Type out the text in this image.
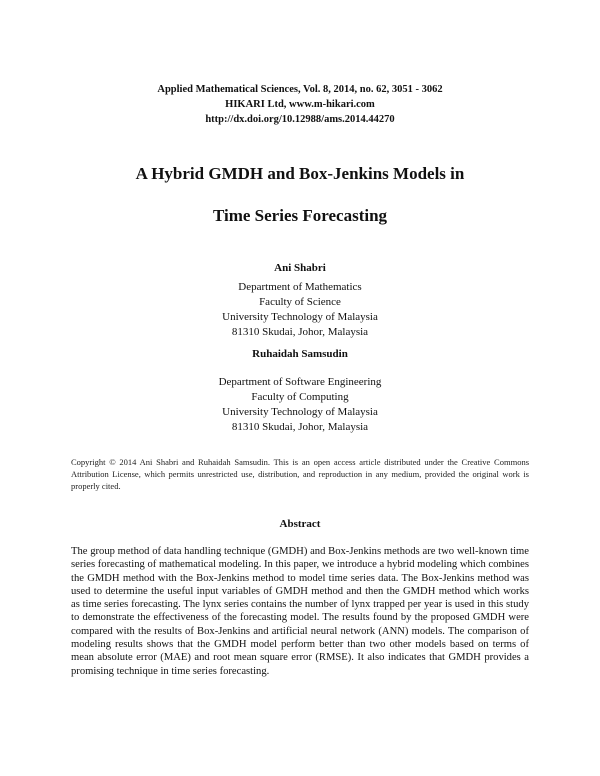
Applied Mathematical Sciences, Vol. 8, 2014, no. 62, 3051 - 3062
HIKARI Ltd, www.m-hikari.com
http://dx.doi.org/10.12988/ams.2014.44270
A Hybrid GMDH and Box-Jenkins Models in
Time Series Forecasting
Ani Shabri
Department of Mathematics
Faculty of Science
University Technology of Malaysia
81310 Skudai, Johor, Malaysia
Ruhaidah Samsudin
Department of Software Engineering
Faculty of Computing
University Technology of Malaysia
81310 Skudai, Johor, Malaysia
Copyright © 2014 Ani Shabri and Ruhaidah Samsudin. This is an open access article distributed under the Creative Commons Attribution License, which permits unrestricted use, distribution, and reproduction in any medium, provided the original work is properly cited.
Abstract
The group method of data handling technique (GMDH) and Box-Jenkins methods are two well-known time series forecasting of mathematical modeling. In this paper, we introduce a hybrid modeling which combines the GMDH method with the Box-Jenkins method to model time series data. The Box-Jenkins method was used to determine the useful input variables of GMDH method and then the GMDH method which works as time series forecasting. The lynx series contains the number of lynx trapped per year is used in this study to demonstrate the effectiveness of the forecasting model. The results found by the proposed GMDH were compared with the results of Box-Jenkins and artificial neural network (ANN) models. The comparison of modeling results shows that the GMDH model perform better than two other models based on terms of mean absolute error (MAE) and root mean square error (RMSE). It also indicates that GMDH provides a promising technique in time series forecasting.
